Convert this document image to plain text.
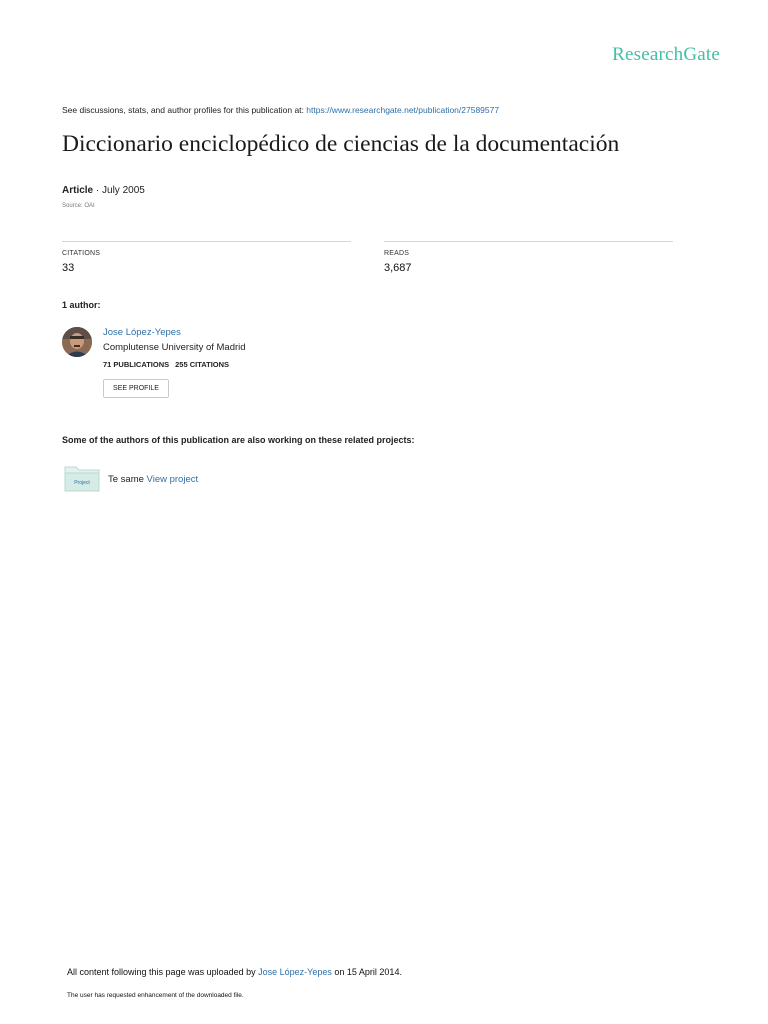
ResearchGate
See discussions, stats, and author profiles for this publication at: https://www.researchgate.net/publication/27589577
Diccionario enciclopédico de ciencias de la documentación
Article · July 2005
Source: OAI
CITATIONS
33
READS
3,687
1 author:
Jose López-Yepes
Complutense University of Madrid
71 PUBLICATIONS 255 CITATIONS
SEE PROFILE
Some of the authors of this publication are also working on these related projects:
Project Te same View project
All content following this page was uploaded by Jose López-Yepes on 15 April 2014.
The user has requested enhancement of the downloaded file.
